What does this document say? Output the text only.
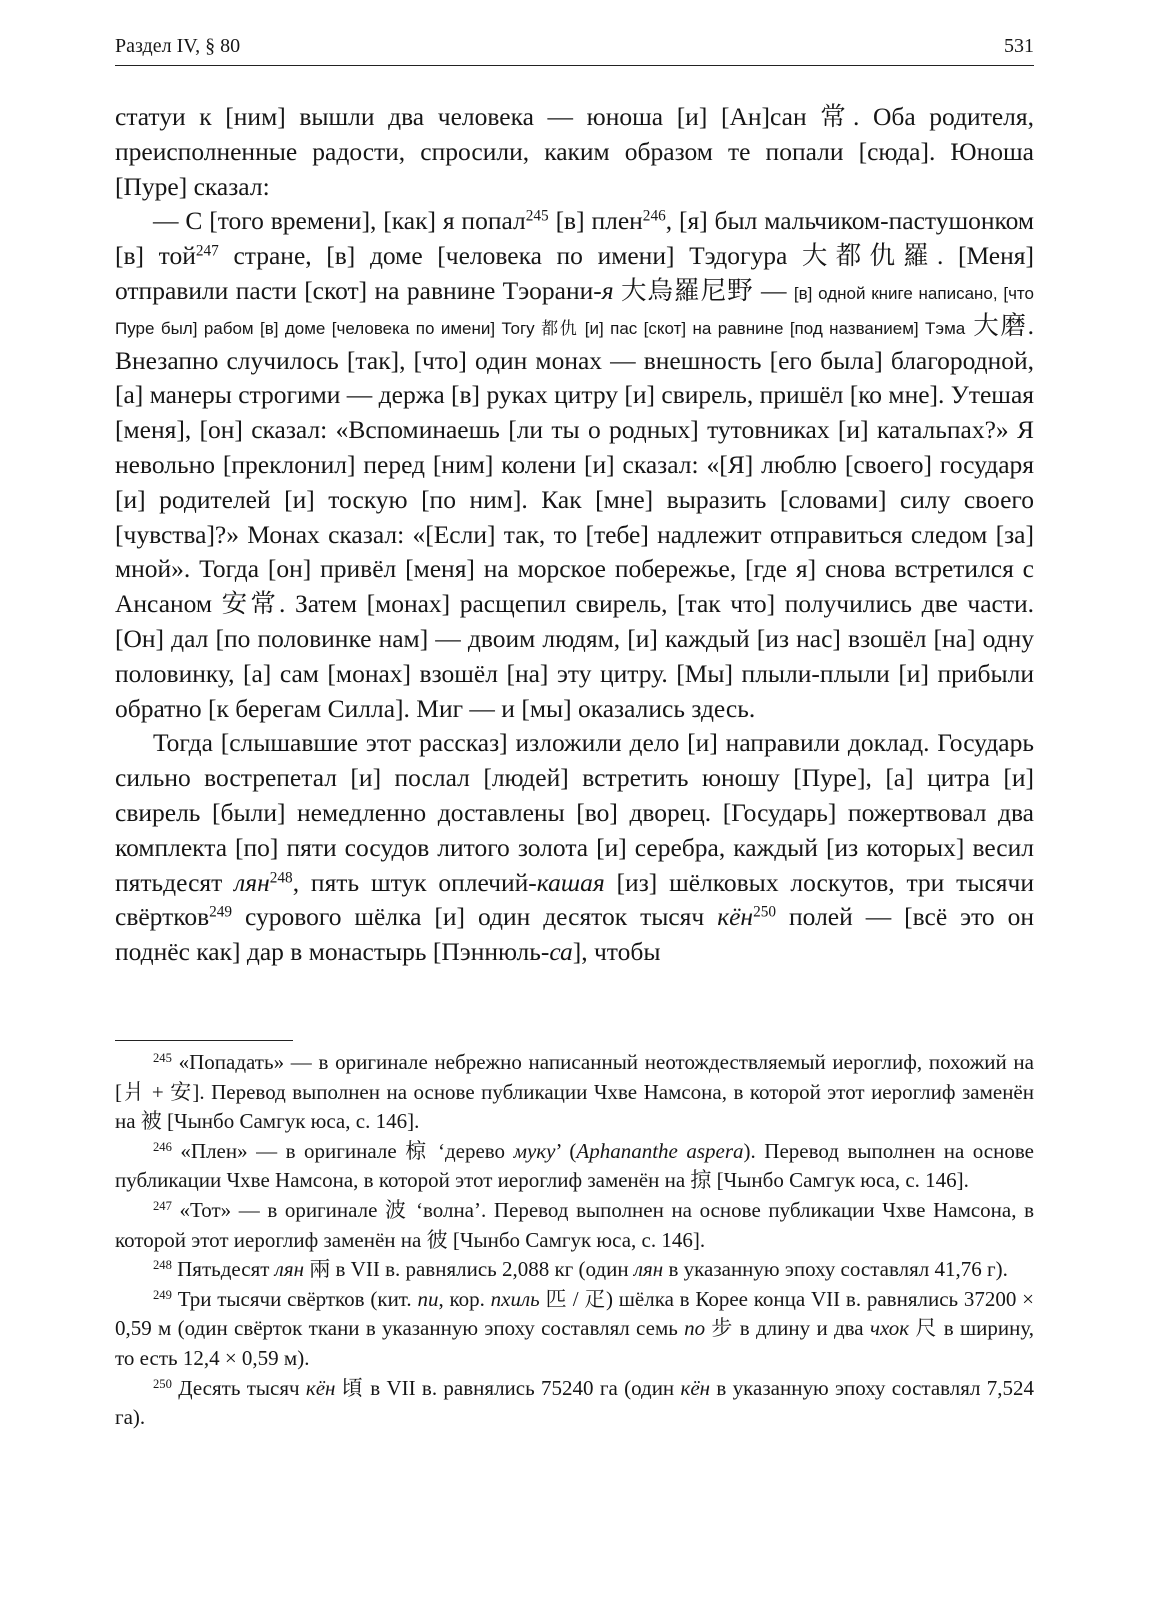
Раздел IV, § 80	531

статуи к [ним] вышли два человека — юноша [и] [Ан]сан 常. Оба родителя, преисполненные радости, спросили, каким образом те попали [сюда]. Юноша [Пуре] сказал:

— С [того времени], [как] я попал$^{245}$ [в] плен$^{246}$, [я] был мальчиком-пастушонком [в] той$^{247}$ стране, [в] доме [человека по имени] Тэдогура 大都仇羅. [Меня] отправили пасти [скот] на равнине Тэорани-я 大烏羅尼野 — [в] одной книге написано, [что Пуре был] рабом [в] доме [человека по имени] Тогу 都仇 [и] пас [скот] на равнине [под названием] Тэма 大磨. Внезапно случилось [так], [что] один монах — внешность [его была] благородной, [а] манеры строгими — держа [в] руках цитру [и] свирель, пришёл [ко мне]. Утешая [меня], [он] сказал: «Вспоминаешь [ли ты о родных] тутовниках [и] катальпах?» Я невольно [преклонил] перед [ним] колени [и] сказал: «[Я] люблю [своего] государя [и] родителей [и] тоскую [по ним]. Как [мне] выразить [словами] силу своего [чувства]?» Монах сказал: «[Если] так, то [тебе] надлежит отправиться следом [за] мной». Тогда [он] привёл [меня] на морское побережье, [где я] снова встретился с Ансаном 安常. Затем [монах] расщепил свирель, [так что] получились две части. [Он] дал [по половинке нам] — двоим людям, [и] каждый [из нас] взошёл [на] одну половинку, [а] сам [монах] взошёл [на] эту цитру. [Мы] плыли-плыли [и] прибыли обратно [к берегам Силла]. Миг — и [мы] оказались здесь.

Тогда [слышавшие этот рассказ] изложили дело [и] направили доклад. Государь сильно вострепетал [и] послал [людей] встретить юношу [Пуре], [а] цитра [и] свирель [были] немедленно доставлены [во] дворец. [Государь] пожертвовал два комплекта [по] пяти сосудов литого золота [и] серебра, каждый [из которых] весил пятьдесят лян$^{248}$, пять штук оплечий-кашая [из] шёлковых лоскутов, три тысячи свёртков$^{249}$ сурового шёлка [и] один десяток тысяч кён$^{250}$ полей — [всё это он поднёс как] дар в монастырь [Пэннюль-са], чтобы

$^{245}$ «Попадать» — в оригинале небрежно написанный неотождествляемый иероглиф, похожий на [爿 + 安]. Перевод выполнен на основе публикации Чхве Намсона, в которой этот иероглиф заменён на 被 [Чынбо Самгук юса, с. 146].

$^{246}$ «Плен» — в оригинале 椋 ‘дерево муку’ (Aphananthe aspera). Перевод выполнен на основе публикации Чхве Намсона, в которой этот иероглиф заменён на 掠 [Чынбо Самгук юса, с. 146].

$^{247}$ «Тот» — в оригинале 波 ‘волна’. Перевод выполнен на основе публикации Чхве Намсона, в которой этот иероглиф заменён на 彼 [Чынбо Самгук юса, с. 146].

$^{248}$ Пятьдесят лян 兩 в VII в. равнялись 2,088 кг (один лян в указанную эпоху составлял 41,76 г).

$^{249}$ Три тысячи свёртков (кит. пи, кор. пхиль 匹 / 疋) шёлка в Корее конца VII в. равнялись 37200 × 0,59 м (один свёрток ткани в указанную эпоху составлял семь по 步 в длину и два чхок 尺 в ширину, то есть 12,4 × 0,59 м).

$^{250}$ Десять тысяч кён 頃 в VII в. равнялись 75240 га (один кён в указанную эпоху составлял 7,524 га).
